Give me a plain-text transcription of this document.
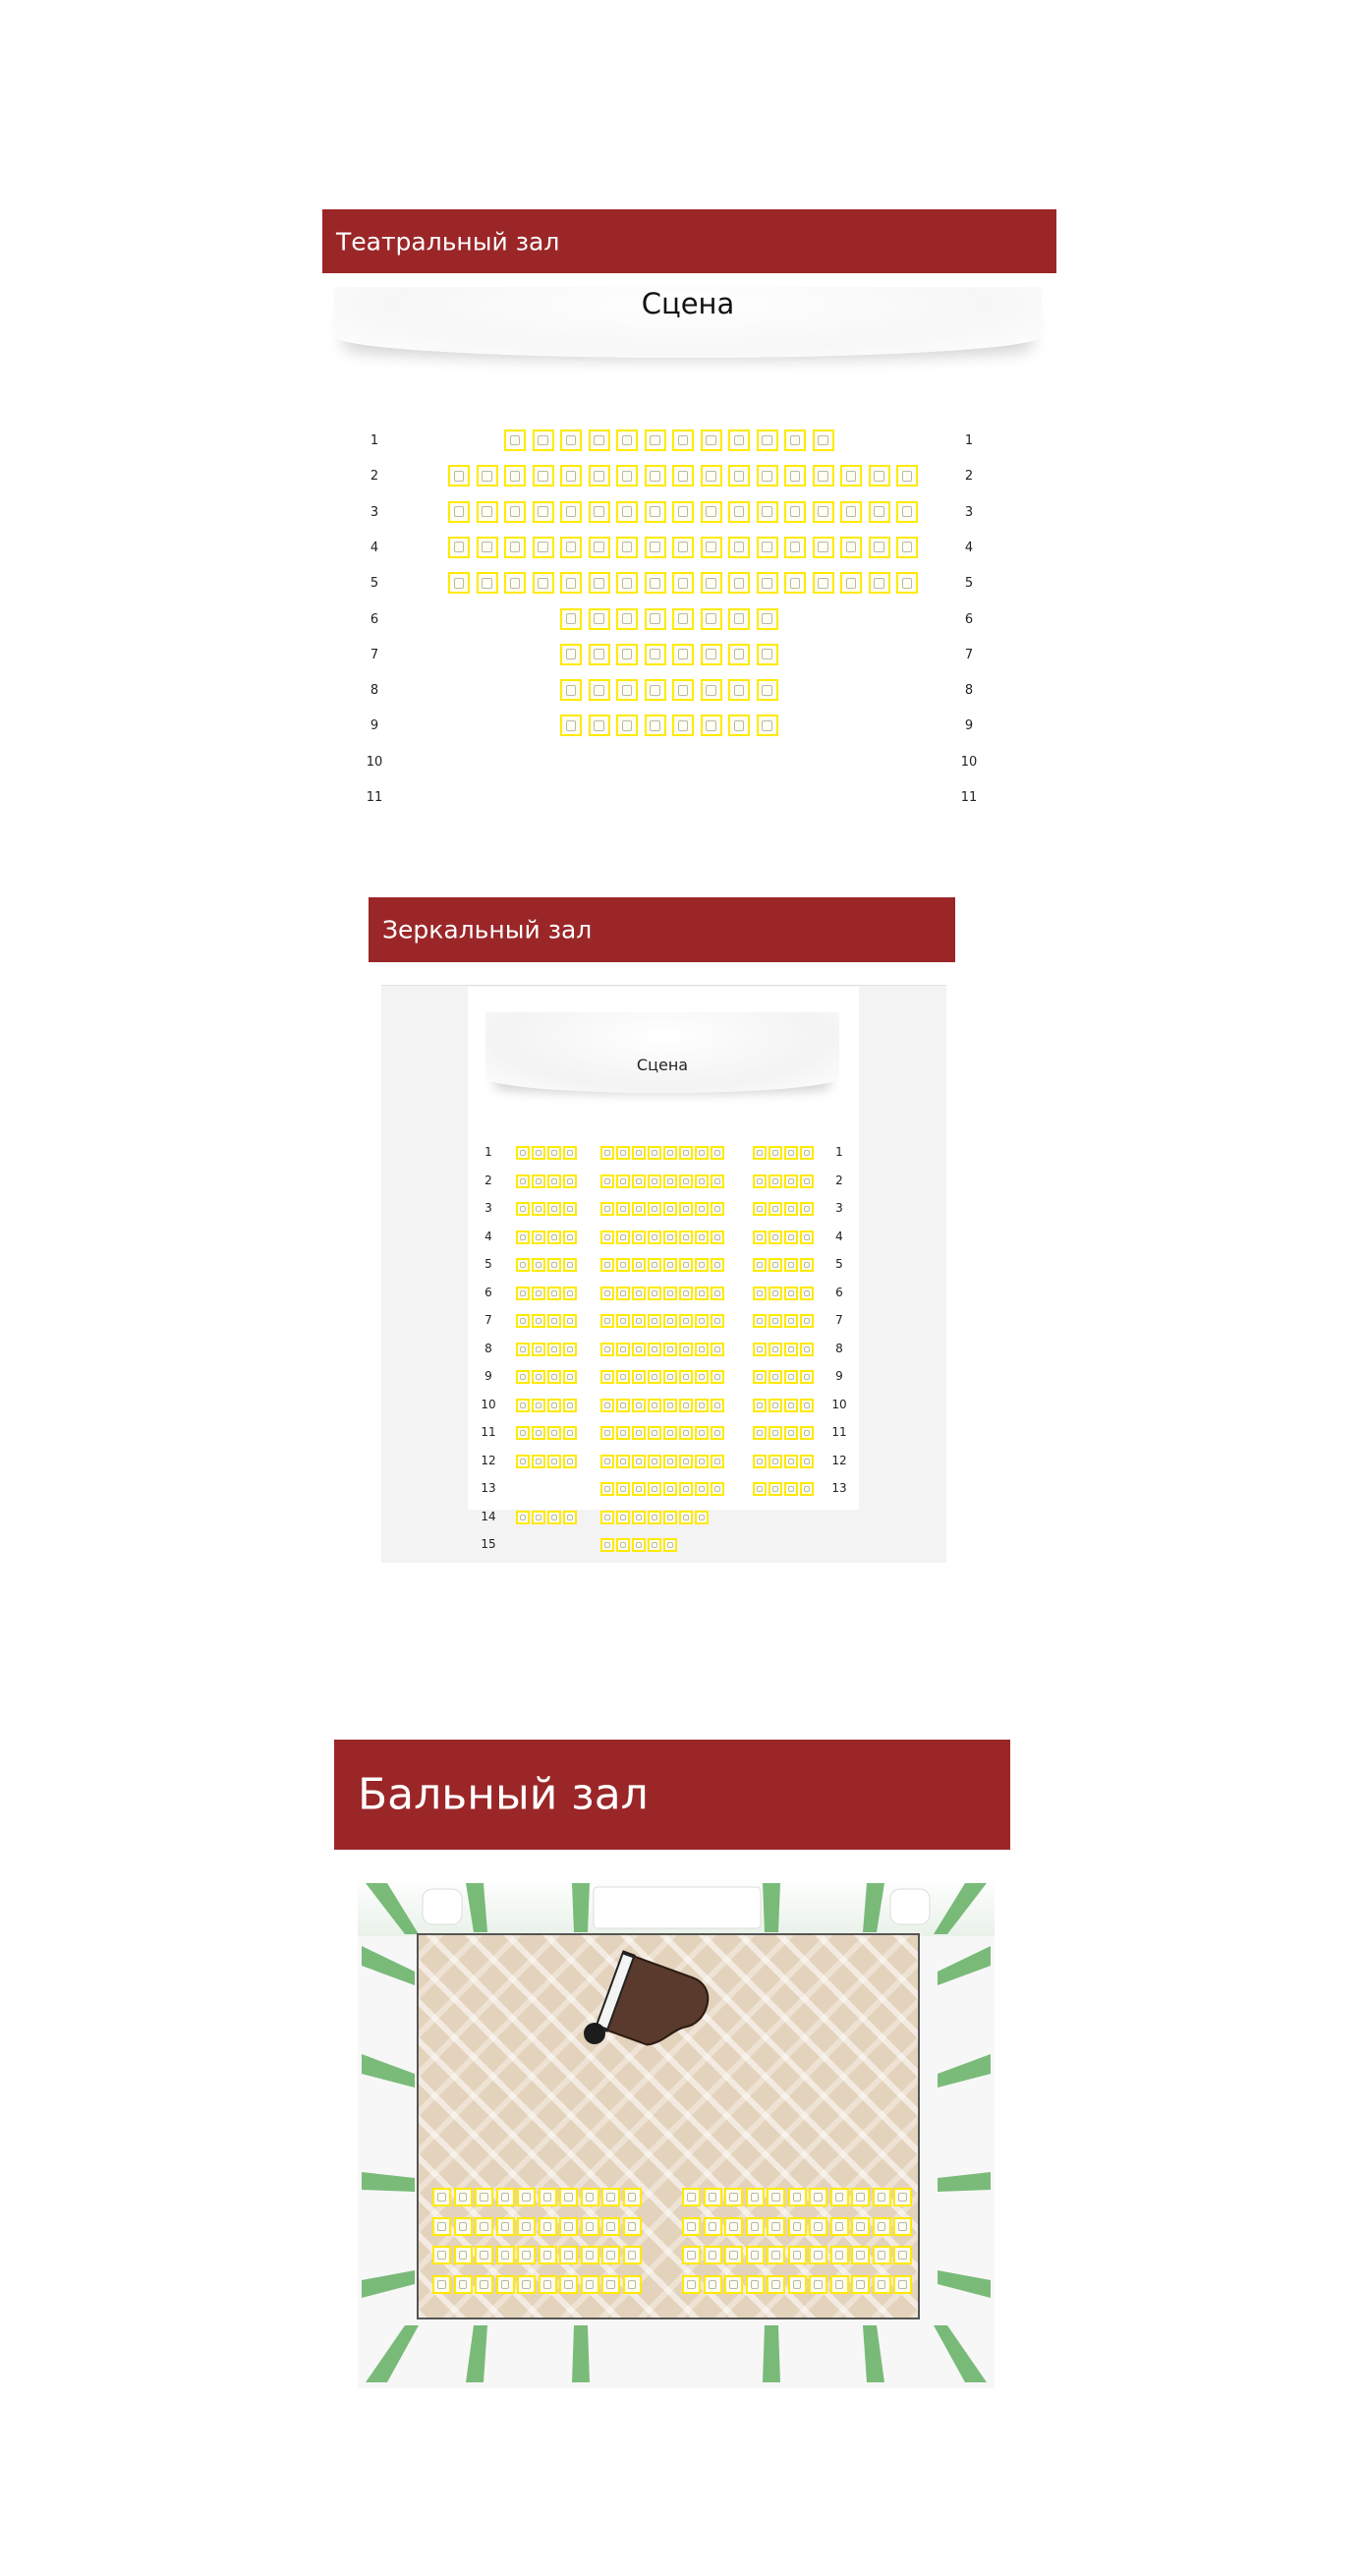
Театральный зал
Сцена
Зеркальный зал
Сцена
Бальный зал
1	1
2	2
3	3
4	4
5	5
6	6
7	7
8	8
9	9
10	10
11	11
1
2
3
4
5
6
7
8
9
10
11
12
13
14
15
1
2
3
4
5
6
7
8
9
10
11
12
13
